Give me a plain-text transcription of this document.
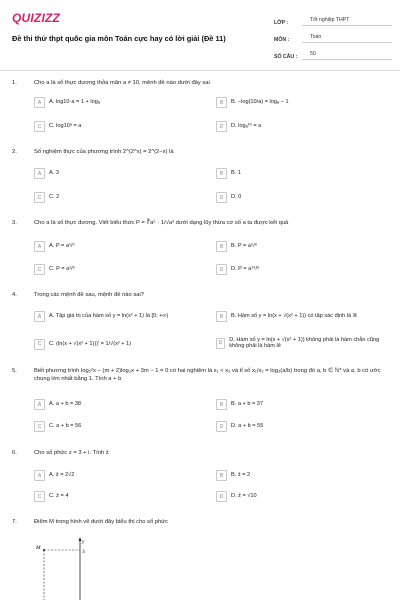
QUIZIZZ
Đề thi thử thpt quốc gia môn Toán cực hay có lời giải (Đề 11)
LỚP :	Tốt nghiệp THPT
MÔN :	Toán
SỐ CÂU :	50
1.	Cho a là số thực dương thỏa mãn a ≠ 10, mệnh đề nào dưới đây sai
A	A. log10·a = 1 + logₐ	B	B. −log(10/a) = logₐ − 1
C	C. log10ᵃ = a	D	D. logₐ¹⁰ = a
2.	Số nghiệm thực của phương trình 2^(2^x) = 2^(2−x) là
A	A. 3	B	B. 1
C	C. 2	D	D. 0
3.	Cho a là số thực dương. Viết biểu thức P = ∛a⁵ · 1/√a³ dưới dạng lũy thừa cơ số a ta được kết quả
A	A. P = a¹/⁶	B	B. P = a⁵/⁶
C	C. P = a¹/⁵	D	D. P = a¹⁹/⁶
4.	Trong các mệnh đề sau, mệnh đề nào sai?
A	A. Tập giá trị của hàm số y = ln(x² + 1) là [0; +∞)	B	B. Hàm số y = ln(x + √(x² + 1)) có tập xác định là ℝ
C	C. (ln(x + √(x² + 1)))′ = 1/√(x² + 1)	D
D. Hàm số y = ln(x + √(x² + 1)) không phải là hàm chẵn cũng không phải là hàm lẻ
5.	Biết phương trình log₃²x − (m + 2)log₃x + 3m − 1 = 0 có hai nghiệm là x₁ < x₂ và tỉ số x₁/x₂ = log₃(a/b) trong đó a, b ∈ ℕ* và a, b có ước chung lớn nhất bằng 1. Tính a + b
A	A. a + b = 38	B	B. a + b = 37
C	C. a + b = 56	D	D. a + b = 55
6.	Cho số phức z = 3 + i. Tính z̄
A	A. z̄ = 2√2	B	B. z̄ = 2
C	C. z̄ = 4	D	D. z̄ = √10
7.	Điểm M trong hình vẽ dưới đây biểu thị cho số phức
M
y
3
